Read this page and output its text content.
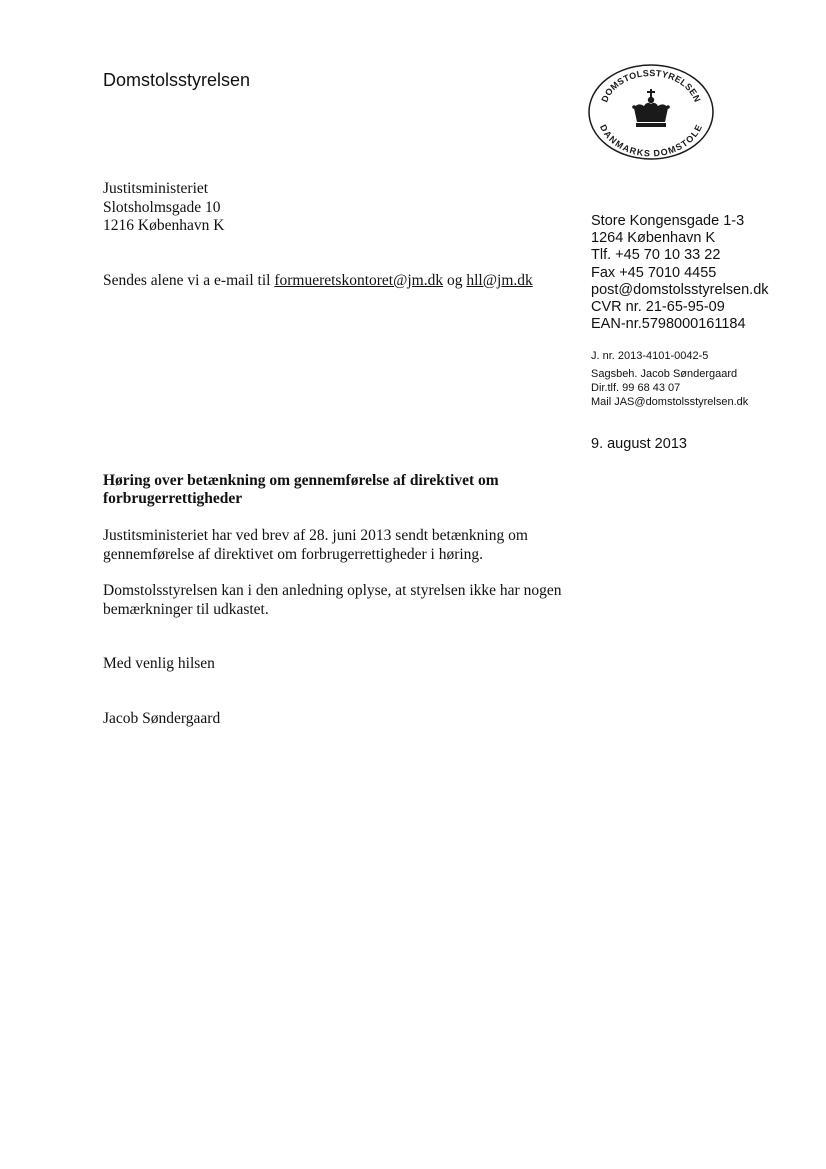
Domstolsstyrelsen
DOMSTOLSSTYRELSEN
DANMARKS DOMSTOLE
Justitsministeriet
Slotsholmsgade 10
1216 København K
Sendes alene vi a e-mail til formueretskontoret@jm.dk og hll@jm.dk
Store Kongensgade 1-3
1264 København K
Tlf. +45 70 10 33 22
Fax +45 7010 4455
post@domstolsstyrelsen.dk
CVR nr. 21-65-95-09
EAN-nr.5798000161184
J. nr. 2013-4101-0042-5
Sagsbeh. Jacob Søndergaard
Dir.tlf. 99 68 43 07
Mail JAS@domstolsstyrelsen.dk
9. august 2013
Høring over betænkning om gennemførelse af direktivet om
forbrugerrettigheder
Justitsministeriet har ved brev af 28. juni 2013 sendt betænkning om
gennemførelse af direktivet om forbrugerrettigheder i høring.
Domstolsstyrelsen kan i den anledning oplyse, at styrelsen ikke har nogen
bemærkninger til udkastet.
Med venlig hilsen
Jacob Søndergaard
